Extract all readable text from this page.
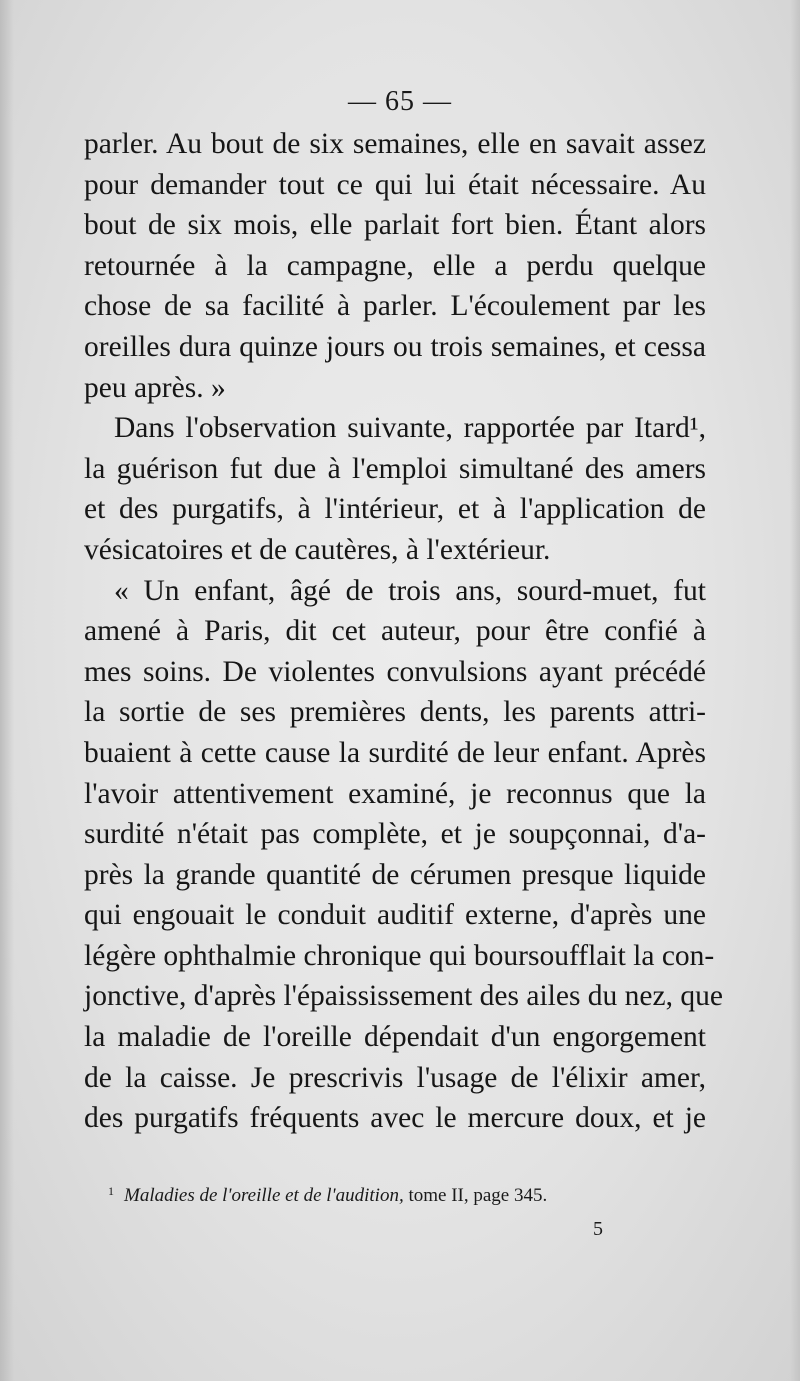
— 65 —
parler. Au bout de six semaines, elle en savait assez
pour demander tout ce qui lui était nécessaire. Au
bout de six mois, elle parlait fort bien. Étant alors
retournée à la campagne, elle a perdu quelque
chose de sa facilité à parler. L'écoulement par les
oreilles dura quinze jours ou trois semaines, et cessa
peu après. »
Dans l'observation suivante, rapportée par Itard¹,
la guérison fut due à l'emploi simultané des amers
et des purgatifs, à l'intérieur, et à l'application de
vésicatoires et de cautères, à l'extérieur.
« Un enfant, âgé de trois ans, sourd-muet, fut
amené à Paris, dit cet auteur, pour être confié à
mes soins. De violentes convulsions ayant précédé
la sortie de ses premières dents, les parents attri-
buaient à cette cause la surdité de leur enfant. Après
l'avoir attentivement examiné, je reconnus que la
surdité n'était pas complète, et je soupçonnai, d'a-
près la grande quantité de cérumen presque liquide
qui engouait le conduit auditif externe, d'après une
légère ophthalmie chronique qui boursoufflait la con-
jonctive, d'après l'épaississement des ailes du nez, que
la maladie de l'oreille dépendait d'un engorgement
de la caisse. Je prescrivis l'usage de l'élixir amer,
des purgatifs fréquents avec le mercure doux, et je
$^1$ Maladies de l'oreille et de l'audition, tome II, page 345.
5
